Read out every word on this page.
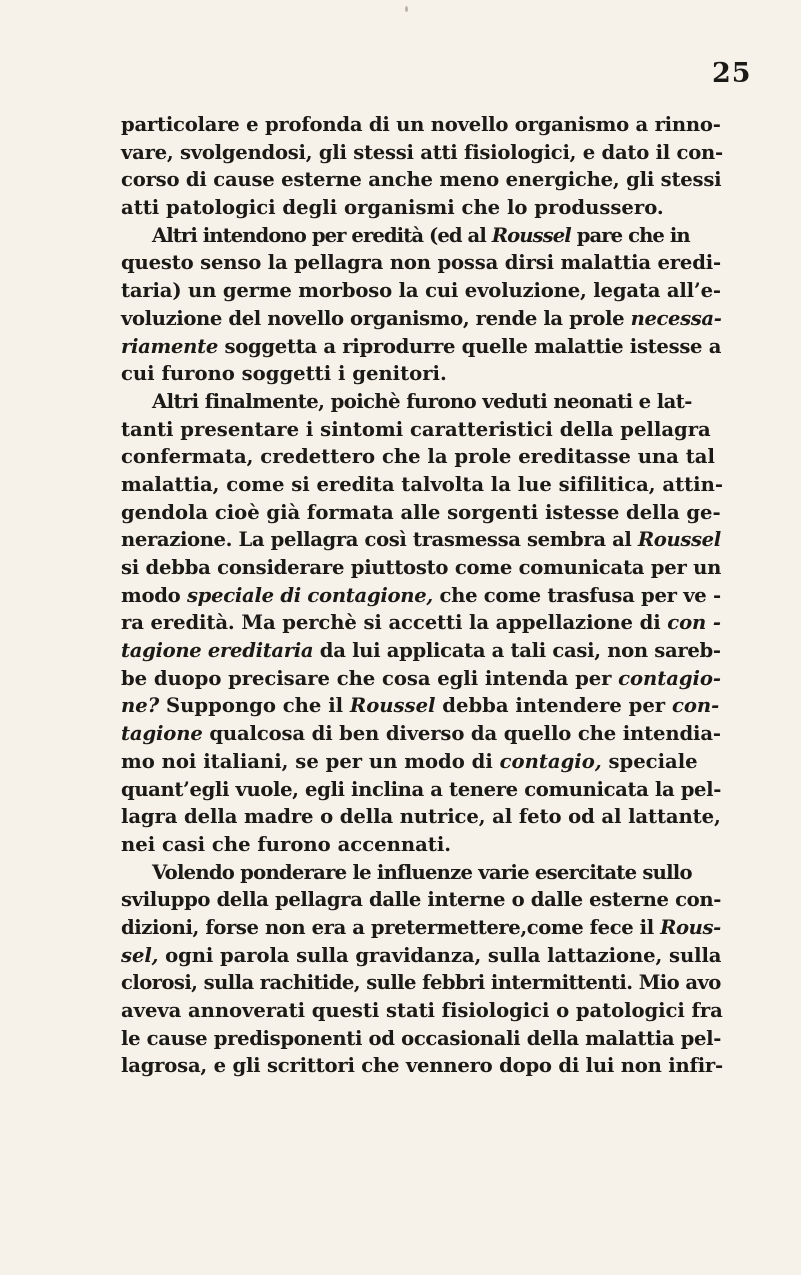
25
particolare e profonda di un novello organismo a rinno-
vare, svolgendosi, gli stessi atti fisiologici, e dato il con-
corso di cause esterne anche meno energiche, gli stessi
atti patologici degli organismi che lo produssero.
Altri intendono per eredità (ed al Roussel pare che in
questo senso la pellagra non possa dirsi malattia eredi-
taria) un germe morboso la cui evoluzione, legata all’e-
voluzione del novello organismo, rende la prole necessa-
riamente soggetta a riprodurre quelle malattie istesse a
cui furono soggetti i genitori.
Altri finalmente, poichè furono veduti neonati e lat-
tanti presentare i sintomi caratteristici della pellagra
confermata, credettero che la prole ereditasse una tal
malattia, come si eredita talvolta la lue sifilitica, attin-
gendola cioè già formata alle sorgenti istesse della ge-
nerazione. La pellagra così trasmessa sembra al Roussel
si debba considerare piuttosto come comunicata per un
modo speciale di contagione, che come trasfusa per ve -
ra eredità. Ma perchè si accetti la appellazione di con -
tagione ereditaria da lui applicata a tali casi, non sareb-
be duopo precisare che cosa egli intenda per contagio-
ne? Suppongo che il Roussel debba intendere per con-
tagione qualcosa di ben diverso da quello che intendia-
mo noi italiani, se per un modo di contagio, speciale
quant’egli vuole, egli inclina a tenere comunicata la pel-
lagra della madre o della nutrice, al feto od al lattante,
nei casi che furono accennati.
Volendo ponderare le influenze varie esercitate sullo
sviluppo della pellagra dalle interne o dalle esterne con-
dizioni, forse non era a pretermettere,come fece il Rous-
sel, ogni parola sulla gravidanza, sulla lattazione, sulla
clorosi, sulla rachitide, sulle febbri intermittenti. Mio avo
aveva annoverati questi stati fisiologici o patologici fra
le cause predisponenti od occasionali della malattia pel-
lagrosa, e gli scrittori che vennero dopo di lui non infir-
